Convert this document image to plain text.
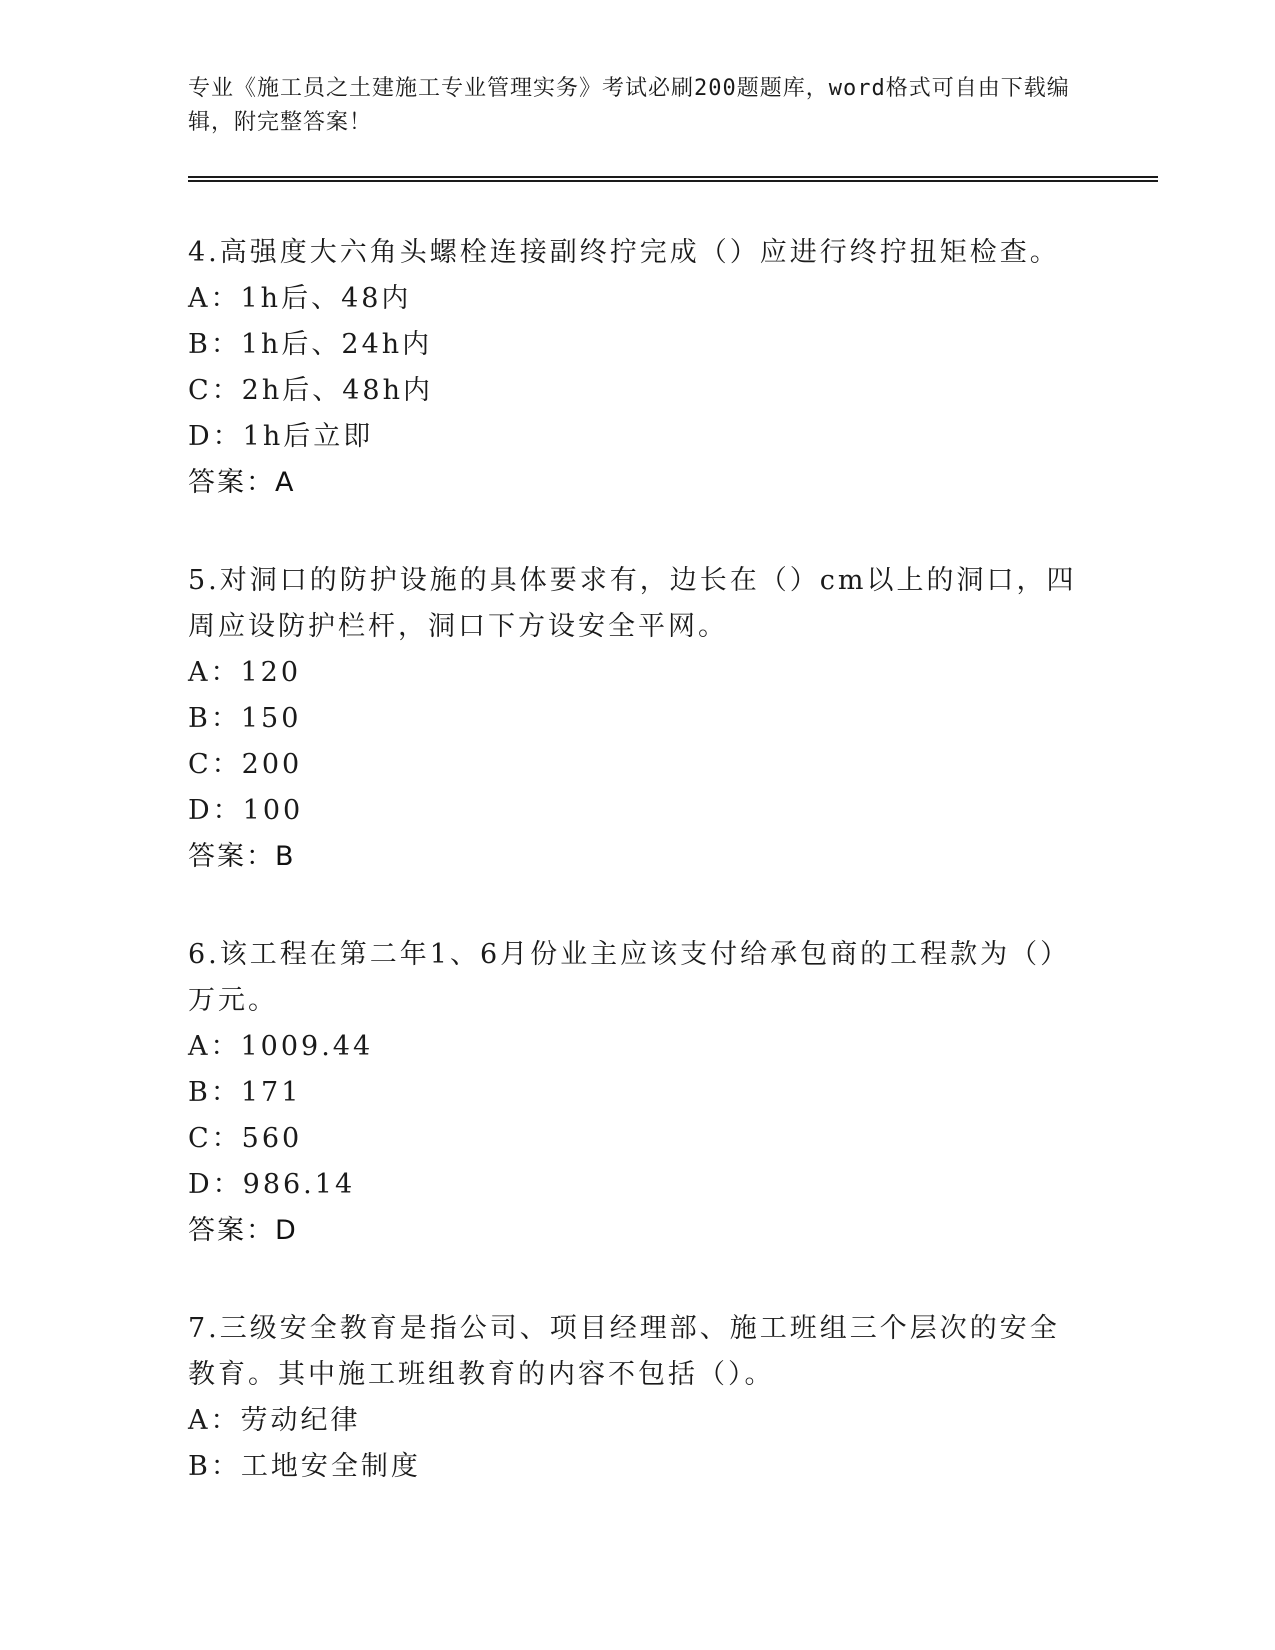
专业《施工员之土建施工专业管理实务》考试必刷200题题库，word格式可自由下载编辑，附完整答案！

4.高强度大六角头螺栓连接副终拧完成（）应进行终拧扭矩检查。

A：1h后、48内

B：1h后、24h内

C：2h后、48h内

D：1h后立即

答案：A

5.对洞口的防护设施的具体要求有，边长在（）cm以上的洞口，四周应设防护栏杆，洞口下方设安全平网。

A：120

B：150

C：200

D：100

答案：B

6.该工程在第二年1、6月份业主应该支付给承包商的工程款为（）万元。

A：1009.44

B：171

C：560

D：986.14

答案：D

7.三级安全教育是指公司、项目经理部、施工班组三个层次的安全教育。其中施工班组教育的内容不包括（）。

A：劳动纪律

B：工地安全制度
